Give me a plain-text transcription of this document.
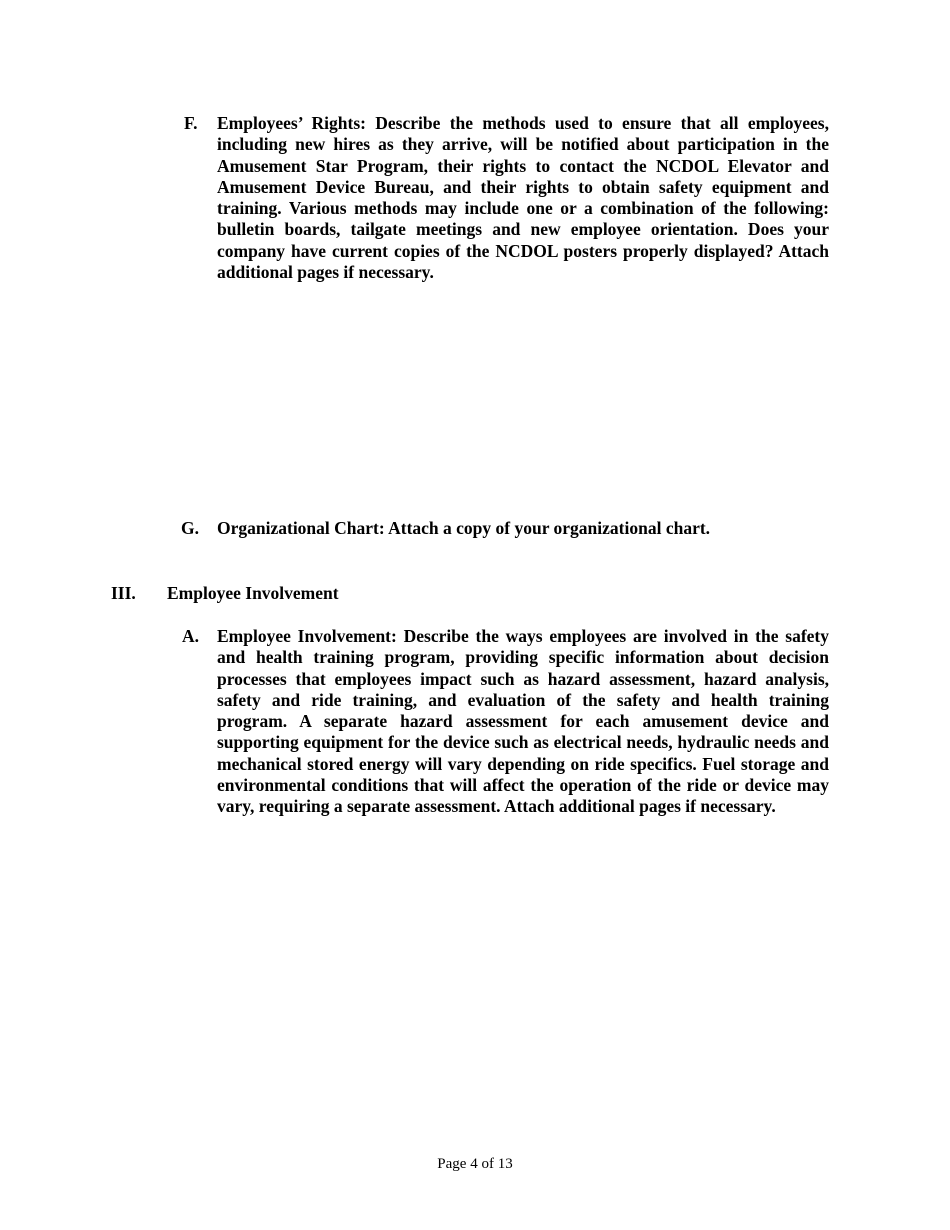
F. Employees’ Rights: Describe the methods used to ensure that all employees, including new hires as they arrive, will be notified about participation in the Amusement Star Program, their rights to contact the NCDOL Elevator and Amusement Device Bureau, and their rights to obtain safety equipment and training. Various methods may include one or a combination of the following: bulletin boards, tailgate meetings and new employee orientation. Does your company have current copies of the NCDOL posters properly displayed? Attach additional pages if necessary.
G. Organizational Chart: Attach a copy of your organizational chart.
III. Employee Involvement
A. Employee Involvement: Describe the ways employees are involved in the safety and health training program, providing specific information about decision processes that employees impact such as hazard assessment, hazard analysis, safety and ride training, and evaluation of the safety and health training program. A separate hazard assessment for each amusement device and supporting equipment for the device such as electrical needs, hydraulic needs and mechanical stored energy will vary depending on ride specifics. Fuel storage and environmental conditions that will affect the operation of the ride or device may vary, requiring a separate assessment. Attach additional pages if necessary.
Page 4 of 13
